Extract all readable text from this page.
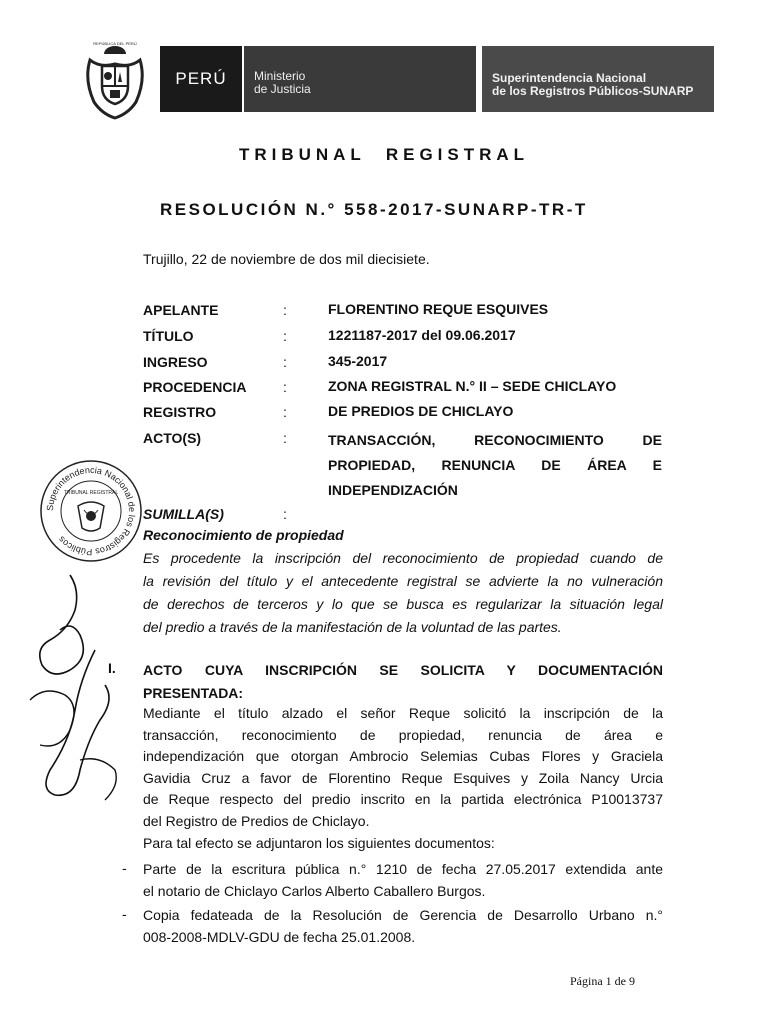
REPÚBLICA DEL PERÚ
PERÚ Ministerio
de Justicia
Superintendencia Nacional
de los Registros Públicos-SUNARP
TRIBUNAL REGISTRAL
RESOLUCIÓN N.° 558-2017-SUNARP-TR-T
Trujillo, 22 de noviembre de dos mil diecisiete.
APELANTE	:	FLORENTINO REQUE ESQUIVES
TÍTULO	:	1221187-2017 del 09.06.2017
INGRESO	:	345-2017
PROCEDENCIA	:	ZONA REGISTRAL N.° II – SEDE CHICLAYO
REGISTRO	:	DE PREDIOS DE CHICLAYO
ACTO(S)	:	TRANSACCIÓN, RECONOCIMIENTO DE
PROPIEDAD, RENUNCIA DE ÁREA E
INDEPENDIZACIÓN
Superintendencia Nacional de los Registros Públicos
TRIBUNAL REGISTRAL
SUMILLA(S)	:
Reconocimiento de propiedad
Es procedente la inscripción del reconocimiento de propiedad cuando de
la revisión del título y el antecedente registral se advierte la no vulneración
de derechos de terceros y lo que se busca es regularizar la situación legal
del predio a través de la manifestación de la voluntad de las partes.
I. ACTO CUYA INSCRIPCIÓN SE SOLICITA Y DOCUMENTACIÓN
PRESENTADA:
Mediante el título alzado el señor Reque solicitó la inscripción de la
transacción, reconocimiento de propiedad, renuncia de área e
independización que otorgan Ambrocio Selemias Cubas Flores y Graciela
Gavidia Cruz a favor de Florentino Reque Esquives y Zoila Nancy Urcia
de Reque respecto del predio inscrito en la partida electrónica P10013737
del Registro de Predios de Chiclayo.
Para tal efecto se adjuntaron los siguientes documentos:
- Parte de la escritura pública n.° 1210 de fecha 27.05.2017 extendida ante
el notario de Chiclayo Carlos Alberto Caballero Burgos.
- Copia fedateada de la Resolución de Gerencia de Desarrollo Urbano n.°
008-2008-MDLV-GDU de fecha 25.01.2008.
Página 1 de 9
